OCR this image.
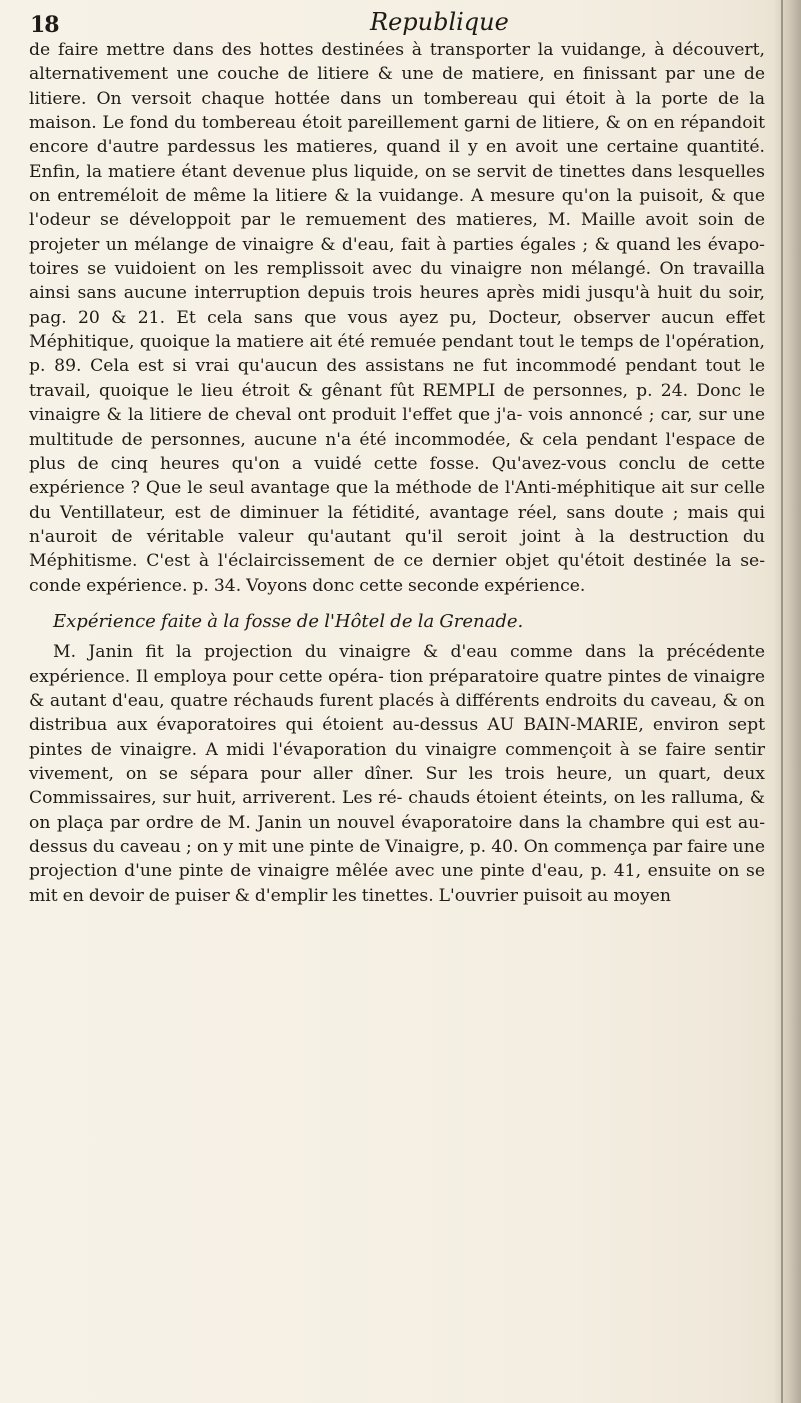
18	Republique

de faire mettre dans des hottes destinées à transporter la vuidange, à découvert, alternativement une couche de litiere & une de matiere, en finissant par une de litiere. On versoit chaque hottée dans un tombereau qui étoit à la porte de la maison. Le fond du tombereau étoit pareillement garni de litiere, & on en répandoit encore d'autre pardessus les matieres, quand il y en avoit une certaine quantité. Enfin, la matiere étant devenue plus liquide, on se servit de tinettes dans lesquelles on entreméloit de même la litiere & la vuidange. A mesure qu'on la puisoit, & que l'odeur se développoit par le remuement des matieres, M. Maille avoit soin de projeter un mélange de vinaigre & d'eau, fait à parties égales ; & quand les évapo- toires se vuidoient on les remplissoit avec du vinaigre non mélangé. On travailla ainsi sans aucune interruption depuis trois heures après midi jusqu'à huit du soir, pag. 20 & 21. Et cela sans que vous ayez pu, Docteur, observer aucun effet Méphitique, quoique la matiere ait été remuée pendant tout le temps de l'opération, p. 89. Cela est si vrai qu'aucun des assistans ne fut incommodé pendant tout le travail, quoique le lieu étroit & gênant fût REMPLI de personnes, p. 24. Donc le vinaigre & la litiere de cheval ont produit l'effet que j'a- vois annoncé ; car, sur une multitude de personnes, aucune n'a été incommodée, & cela pendant l'espace de plus de cinq heures qu'on a vuidé cette fosse. Qu'avez-vous conclu de cette expérience ? Que le seul avantage que la méthode de l'Anti-méphitique ait sur celle du Ventillateur, est de diminuer la fétidité, avantage réel, sans doute ; mais qui n'auroit de véritable valeur qu'autant qu'il seroit joint à la destruction du Méphitisme. C'est à l'éclaircissement de ce dernier objet qu'étoit destinée la se- conde expérience. p. 34. Voyons donc cette seconde expérience.

Expérience faite à la fosse de l'Hôtel de la Grenade.

M. Janin fit la projection du vinaigre & d'eau comme dans la précédente expérience. Il employa pour cette opéra- tion préparatoire quatre pintes de vinaigre & autant d'eau, quatre réchauds furent placés à différents endroits du caveau, & on distribua aux évaporatoires qui étoient au-dessus AU BAIN-MARIE, environ sept pintes de vinaigre. A midi l'évaporation du vinaigre commençoit à se faire sentir vivement, on se sépara pour aller dîner. Sur les trois heure, un quart, deux Commissaires, sur huit, arriverent. Les ré- chauds étoient éteints, on les ralluma, & on plaça par ordre de M. Janin un nouvel évaporatoire dans la chambre qui est au-dessus du caveau ; on y mit une pinte de Vinaigre, p. 40. On commença par faire une projection d'une pinte de vinaigre mêlée avec une pinte d'eau, p. 41, ensuite on se mit en devoir de puiser & d'emplir les tinettes. L'ouvrier puisoit au moyen
